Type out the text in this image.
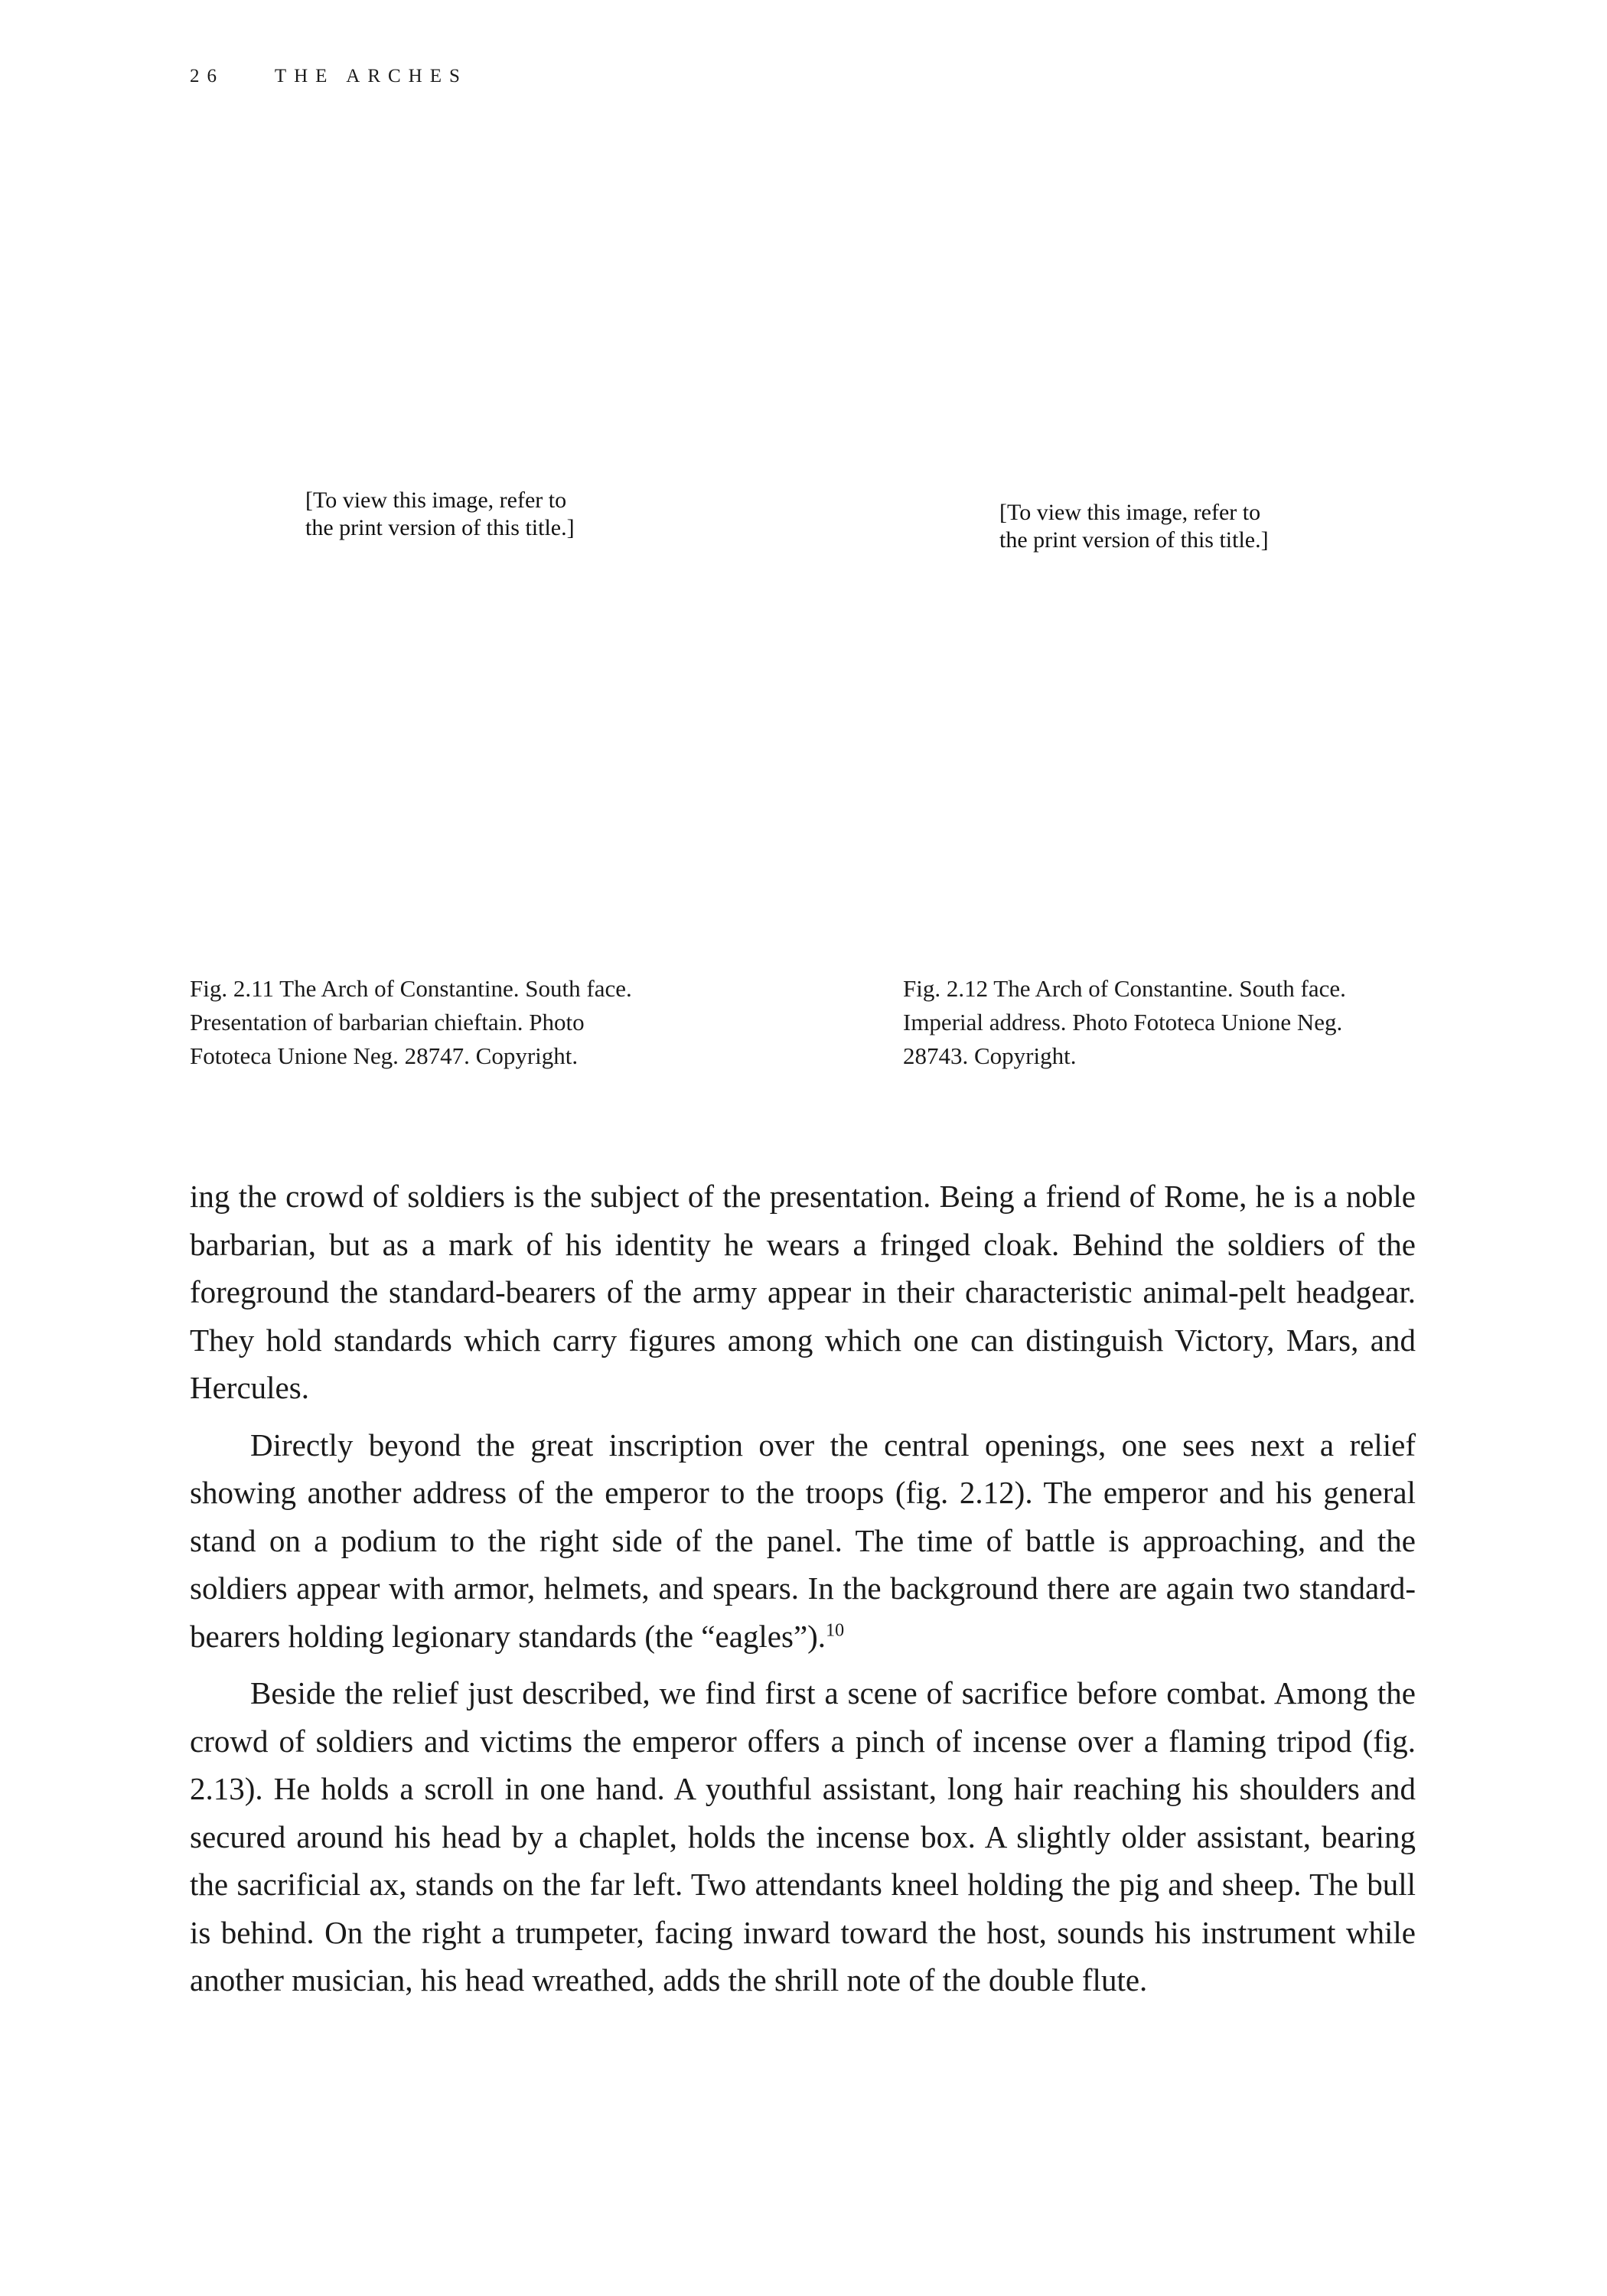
26	THE ARCHES
[To view this image, refer to
the print version of this title.]
[To view this image, refer to
the print version of this title.]
Fig. 2.11 The Arch of Constantine. South face.
Presentation of barbarian chieftain. Photo
Fototeca Unione Neg. 28747. Copyright.
Fig. 2.12 The Arch of Constantine. South face.
Imperial address. Photo Fototeca Unione Neg.
28743. Copyright.

ing the crowd of soldiers is the subject of the presentation. Being a friend of Rome, he is a noble barbarian, but as a mark of his identity he wears a fringed cloak. Behind the soldiers of the foreground the standard-bearers of the army appear in their characteristic animal-pelt headgear. They hold standards which carry figures among which one can distinguish Victory, Mars, and Hercules.

Directly beyond the great inscription over the central openings, one sees next a relief showing another address of the emperor to the troops (fig. 2.12). The emperor and his general stand on a podium to the right side of the panel. The time of battle is approaching, and the soldiers appear with armor, helmets, and spears. In the background there are again two standard-bearers holding legionary standards (the “eagles”).$^{10}$

Beside the relief just described, we find first a scene of sacrifice before combat. Among the crowd of soldiers and victims the emperor offers a pinch of incense over a flaming tripod (fig. 2.13). He holds a scroll in one hand. A youthful assistant, long hair reaching his shoulders and secured around his head by a chaplet, holds the incense box. A slightly older assistant, bearing the sacrificial ax, stands on the far left. Two attendants kneel holding the pig and sheep. The bull is behind. On the right a trumpeter, facing inward toward the host, sounds his instrument while another musician, his head wreathed, adds the shrill note of the double flute.
